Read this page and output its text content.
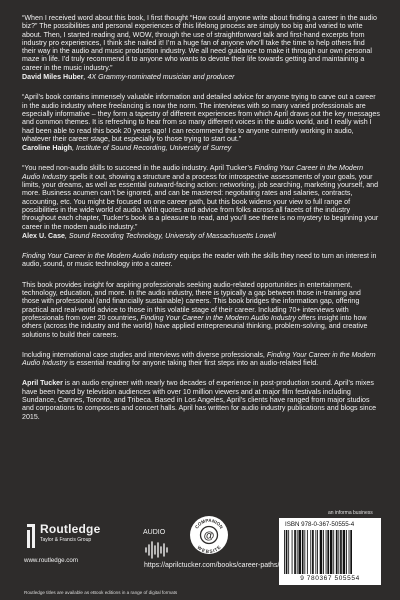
“When I received word about this book, I first thought “How could anyone write about finding a career in the audio biz?” The possibilities and personal experiences of this lifelong process are simply too big and varied to write about. Then, I started reading and, WOW, through the use of straightforward talk and first-hand excerpts from industry pro experiences, I think she nailed it! I’m a huge fan of anyone who’ll take the time to help others find their way in the audio and music production industry. We all need guidance to make it through our own personal maze in life. I’d truly recommend it to anyone who wants to devote their life towards getting and maintaining a career in the music industry.”

David Miles Huber, 4X Grammy-nominated musician and producer

“April’s book contains immensely valuable information and detailed advice for anyone trying to carve out a career in the audio industry where freelancing is now the norm. The interviews with so many varied professionals are especially informative – they form a tapestry of different experiences from which April draws out the key messages and common themes. It is refreshing to hear from so many different voices in the audio world, and I really wish I had been able to read this book 20 years ago! I can recommend this to anyone currently working in audio, whatever their career stage, but especially to those trying to start out.”

Caroline Haigh, Institute of Sound Recording, University of Surrey

“You need non-audio skills to succeed in the audio industry. April Tucker’s Finding Your Career in the Modern Audio Industry spells it out, showing a structure and a process for introspective assessments of your goals, your limits, your dreams, as well as essential outward-facing action: networking, job searching, marketing yourself, and more. Business acumen can’t be ignored, and can be mastered: negotiating rates and salaries, contracts, accounting, etc. You might be focused on one career path, but this book widens your view to full range of possibilities in the wide world of audio. With quotes and advice from folks across all facets of the industry throughout each chapter, Tucker’s book is a pleasure to read, and you’ll see there is no mystery to beginning your career in the modern audio industry.”

Alex U. Case, Sound Recording Technology, University of Massachusetts Lowell

Finding Your Career in the Modern Audio Industry equips the reader with the skills they need to turn an interest in audio, sound, or music technology into a career.

This book provides insight for aspiring professionals seeking audio-related opportunities in entertainment, technology, education, and more. In the audio industry, there is typically a gap between those in-training and those with professional (and financially sustainable) careers. This book bridges the information gap, offering practical and real-world advice to those in this volatile stage of their career. Including 70+ interviews with professionals from over 20 countries, Finding Your Career in the Modern Audio Industry offers insight into how others (across the industry and the world) have applied entrepreneurial thinking, problem-solving, and creative solutions to build their careers.

Including international case studies and interviews with diverse professionals, Finding Your Career in the Modern Audio Industry is essential reading for anyone taking their first steps into an audio-related field.

April Tucker is an audio engineer with nearly two decades of experience in post-production sound. April’s mixes have been heard by television audiences with over 10 million viewers and at major film festivals including Sundance, Cannes, Toronto, and Tribeca. Based in Los Angeles, April’s clients have ranged from major studios and corporations to composers and concert halls. April has written for audio industry publications and blogs since 2015.

Routledge
Taylor & Francis Group
www.routledge.com
AUDIO	@
COMPANION
WEBSITE
https://aprilctucker.com/books/career-paths/
an informa business
ISBN 978-0-367-50555-4
9 780367 505554
Routledge titles are available as eBook editions in a range of digital formats
